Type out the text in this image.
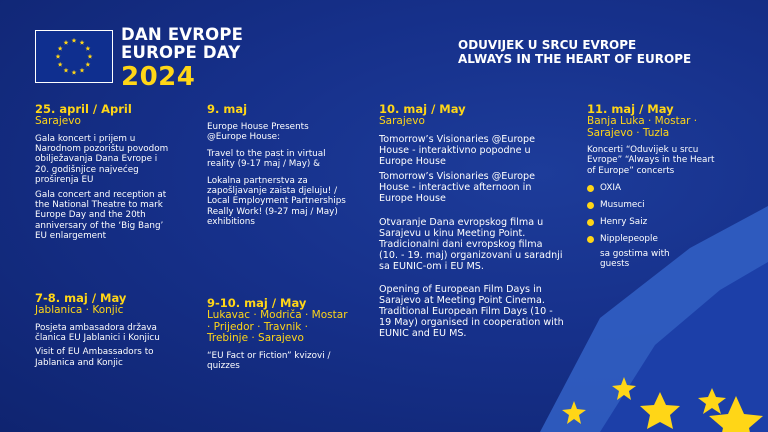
DAN EVROPE
EUROPE DAY
2024
ODUVIJEK U SRCU EVROPE
ALWAYS IN THE HEART OF EUROPE
25. april / April
Sarajevo
Gala koncert i prijem u Narodnom pozorištu povodom obilježavanja Dana Evrope i 20. godišnjice najvećeg proširenja EU
Gala concert and reception at the National Theatre to mark Europe Day and the 20th anniversary of the ‘Big Bang’ EU enlargement
7-8. maj / May
Jablanica · Konjic
Posjeta ambasadora država članica EU Jablanici i Konjicu
Visit of EU Ambassadors to Jablanica and Konjic
9. maj
Europe House Presents @Europe House:
Travel to the past in virtual reality (9-17 maj / May) &
Lokalna partnerstva za zapošljavanje zaista djeluju! / Local Employment Partnerships Really Work! (9-27 maj / May) exhibitions
9-10. maj / May
Lukavac · Modriča · Mostar · Prijedor · Travnik · Trebinje · Sarajevo
“EU Fact or Fiction” kvizovi / quizzes
10. maj / May
Sarajevo
Tomorrow’s Visionaries @Europe House - interaktivno popodne u Europe House
Tomorrow’s Visionaries @Europe House - interactive afternoon in Europe House
Otvaranje Dana evropskog filma u Sarajevu u kinu Meeting Point. Tradicionalni dani evropskog filma (10. - 19. maj) organizovani u saradnji sa EUNIC-om i EU MS.
Opening of European Film Days in Sarajevo at Meeting Point Cinema. Traditional European Film Days (10 - 19 May) organised in cooperation with EUNIC and EU MS.
11. maj / May
Banja Luka · Mostar · Sarajevo · Tuzla
Koncerti “Oduvijek u srcu Evrope” “Always in the Heart of Europe” concerts
OXIA
Musumeci
Henry Saiz
Nipplepeople
sa gostima with guests
